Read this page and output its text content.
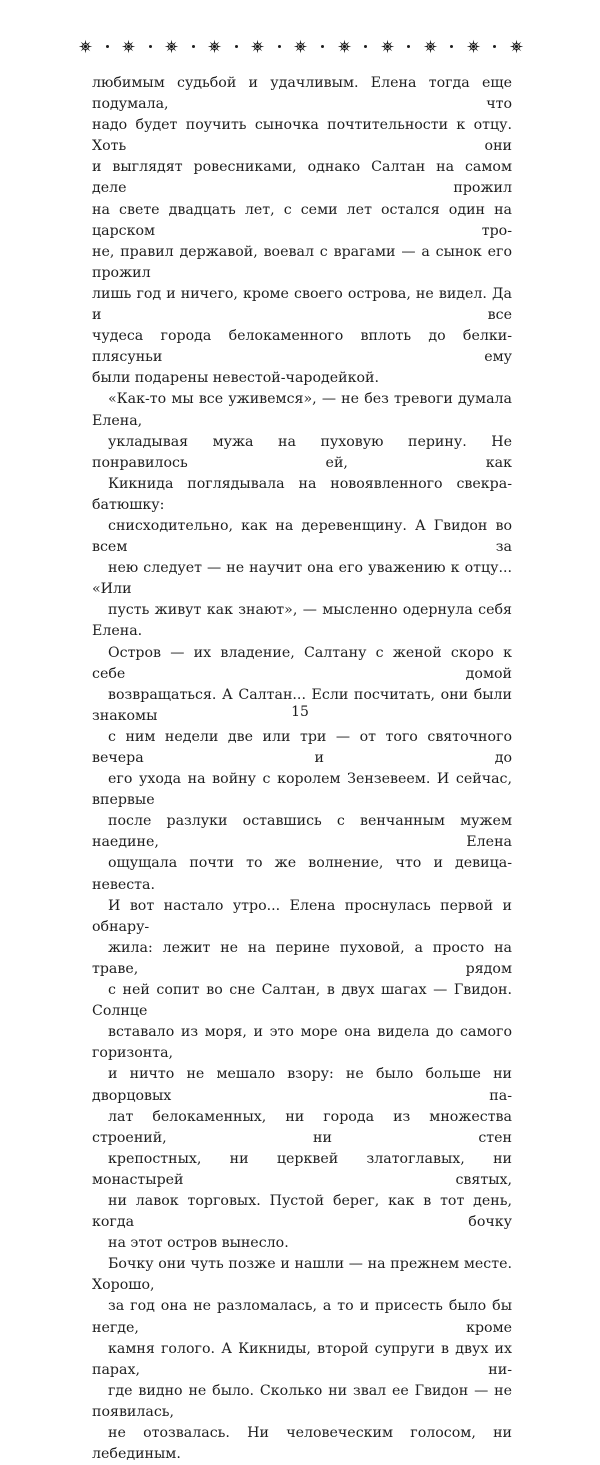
любимым судьбой и удачливым. Елена тогда еще подумала, что
надо будет поучить сыночка почтительности к отцу. Хоть они
и выглядят ровесниками, однако Салтан на самом деле прожил
на свете двадцать лет, с семи лет остался один на царском тро-
не, правил державой, воевал с врагами — а сынок его прожил
лишь год и ничего, кроме своего острова, не видел. Да и все
чудеса города белокаменного вплоть до белки-плясуньи ему
были подарены невестой-чародейкой.

«Как-то мы все уживемся», — не без тревоги думала Елена,
укладывая мужа на пуховую перину. Не понравилось ей, как
Кикнида поглядывала на новоявленного свекра-батюшку:
снисходительно, как на деревенщину. А Гвидон во всем за
нею следует — не научит она его уважению к отцу... «Или
пусть живут как знают», — мысленно одернула себя Елена.
Остров — их владение, Салтану с женой скоро к себе домой
возвращаться. А Салтан... Если посчитать, они были знакомы
с ним недели две или три — от того святочного вечера и до
его ухода на войну с королем Зензевеем. И сейчас, впервые
после разлуки оставшись с венчанным мужем наедине, Елена
ощущала почти то же волнение, что и девица-невеста.

И вот настало утро... Елена проснулась первой и обнару-
жила: лежит не на перине пуховой, а просто на траве, рядом
с ней сопит во сне Салтан, в двух шагах — Гвидон. Солнце
вставало из моря, и это море она видела до самого горизонта,
и ничто не мешало взору: не было больше ни дворцовых па-
лат белокаменных, ни города из множества строений, ни стен
крепостных, ни церквей златоглавых, ни монастырей святых,
ни лавок торговых. Пустой берег, как в тот день, когда бочку
на этот остров вынесло.

Бочку они чуть позже и нашли — на прежнем месте. Хорошо,
за год она не разломалась, а то и присесть было бы негде, кроме
камня голого. А Кикниды, второй супруги в двух их парах, ни-
где видно не было. Сколько ни звал ее Гвидон — не появилась,
не отозвалась. Ни человеческим голосом, ни лебединым.

15
